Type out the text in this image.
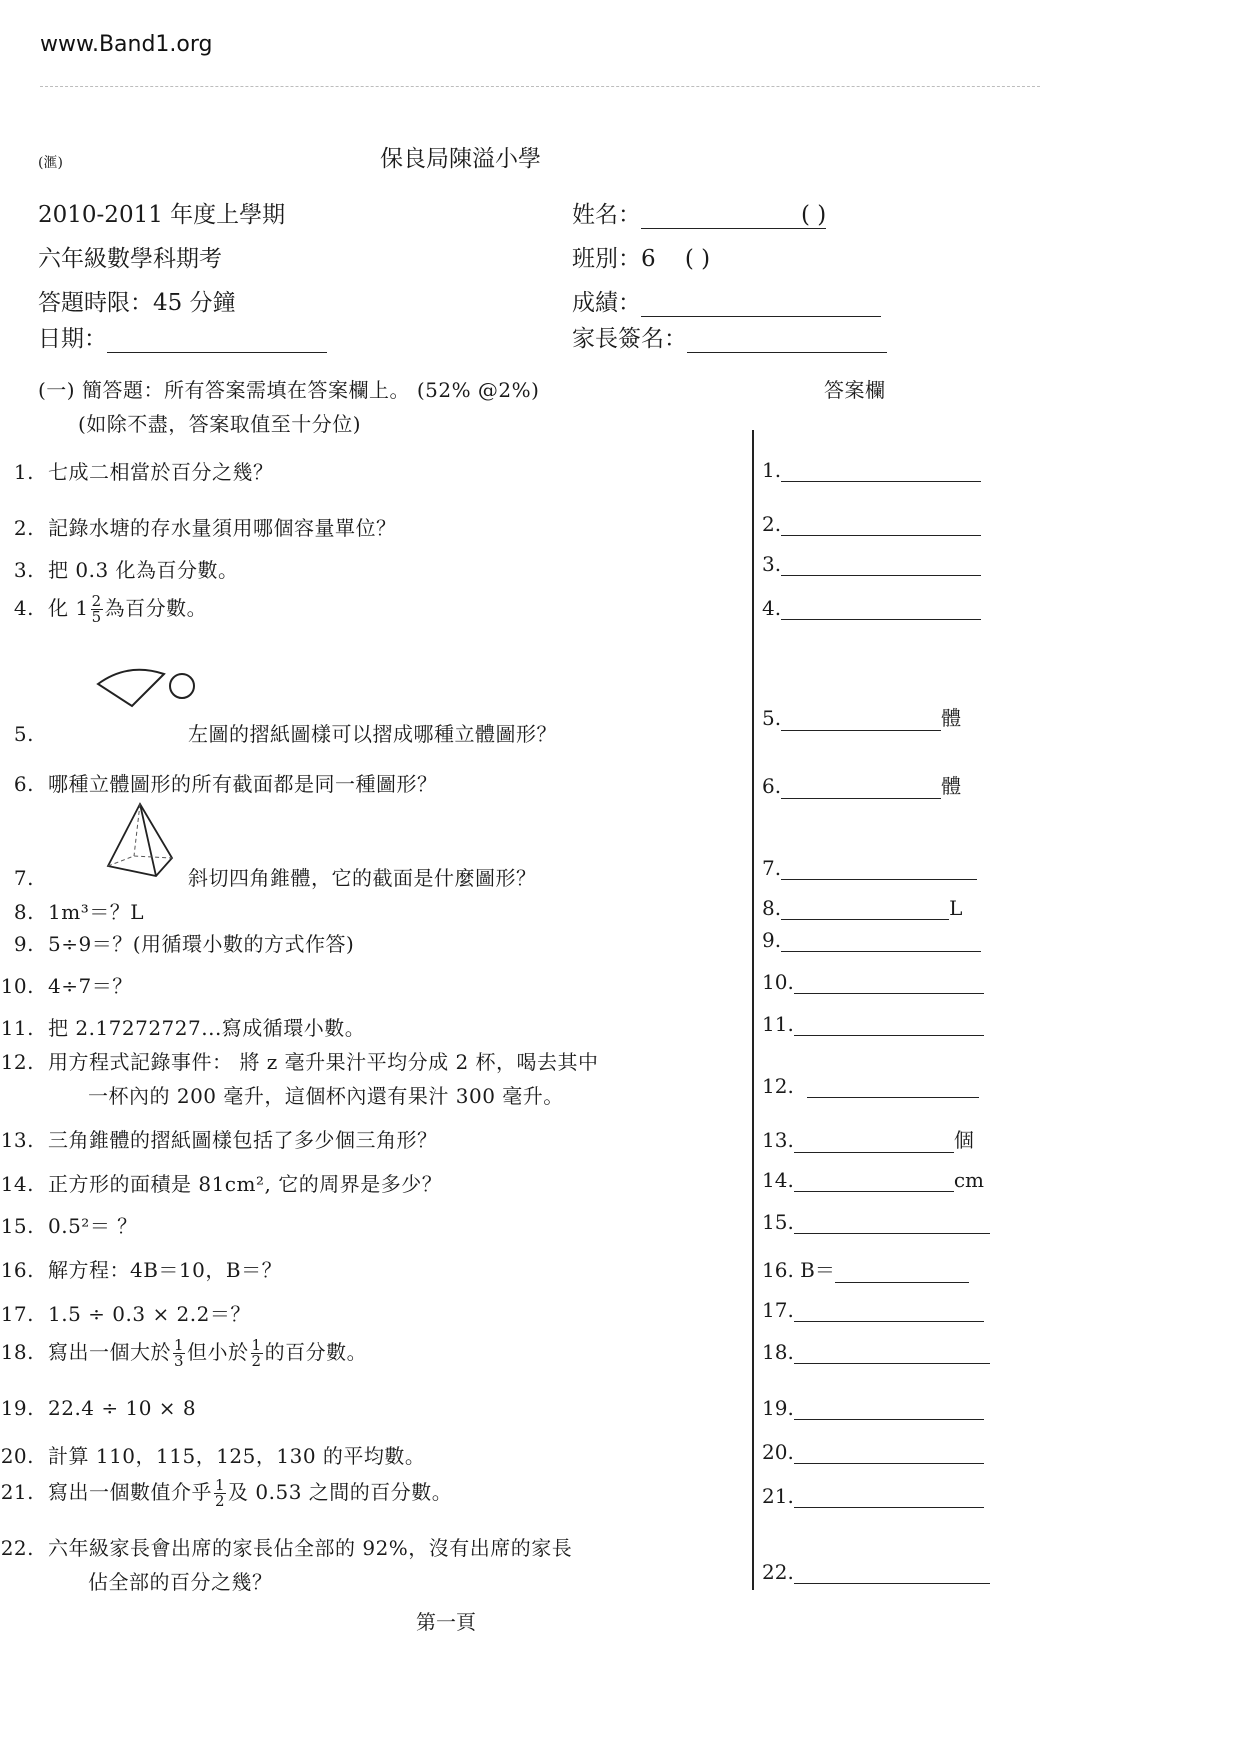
www.Band1.org
(滙)	保良局陳溢小學
2010-2011 年度上學期
六年級數學科期考
答題時限：45 分鐘
日期：
姓名：	( )
班別：6 ( )
成績：
家長簽名：
(一) 簡答題：所有答案需填在答案欄上。 (52% @2%)
(如除不盡，答案取值至十分位)
答案欄
1. 七成二相當於百分之幾？
2. 記錄水塘的存水量須用哪個容量單位？
3. 把 0.3 化為百分數。
4. 化 $1 \frac{2}{5}$ 為百分數。
5.	左圖的摺紙圖樣可以摺成哪種立體圖形？
6. 哪種立體圖形的所有截面都是同一種圖形？
7.	斜切四角錐體，它的截面是什麼圖形？
8. 1m³＝？L
9. 5÷9＝？(用循環小數的方式作答)
10. 4÷7＝？
11. 把 2.17272727...寫成循環小數。
12. 用方程式記錄事件： 將 z 毫升果汁平均分成 2 杯，喝去其中
一杯內的 200 毫升，這個杯內還有果汁 300 毫升。
13. 三角錐體的摺紙圖樣包括了多少個三角形？
14. 正方形的面積是 81cm², 它的周界是多少？
15. 0.5²＝ ？
16. 解方程：4B＝10，B＝？
17. 1.5 ÷ 0.3 × 2.2＝？
18. 寫出一個大於 $\frac{1}{3}$ 但小於 $\frac{1}{2}$ 的百分數。
19. 22.4 ÷ 10 × 8
20. 計算 110，115，125，130 的平均數。
21. 寫出一個數值介乎 $\frac{1}{2}$ 及 0.53 之間的百分數。
22. 六年級家長會出席的家長佔全部的 92%，沒有出席的家長
佔全部的百分之幾？
1.
2.
3.
4.
5.	體
6.	體
7.
8.	L
9.
10.
11.
12.
13.	個
14.	cm
15.
16. B＝
17.
18.
19.
20.
21.
22.
第一頁
